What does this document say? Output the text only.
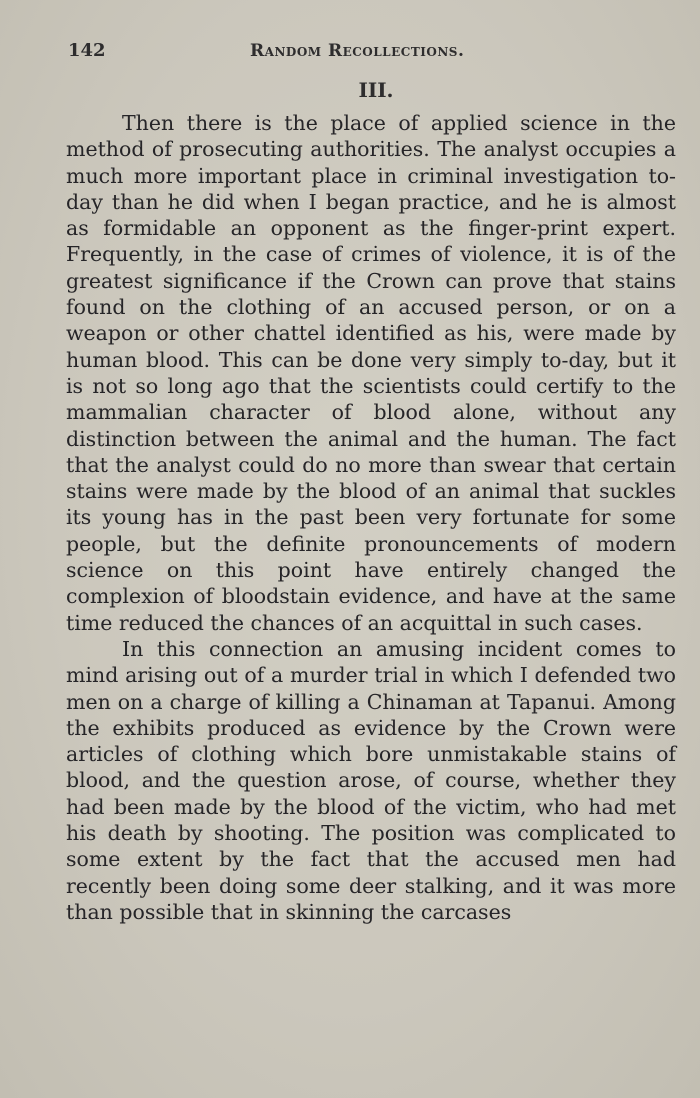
142	Random Recollections.
III.

Then there is the place of applied science in the method of prosecuting authorities. The analyst occupies a much more important place in criminal investigation to-day than he did when I began practice, and he is almost as formidable an opponent as the finger-print expert. Frequently, in the case of crimes of violence, it is of the greatest significance if the Crown can prove that stains found on the clothing of an accused person, or on a weapon or other chattel identified as his, were made by human blood. This can be done very simply to-day, but it is not so long ago that the scientists could certify to the mammalian character of blood alone, without any distinction between the animal and the human. The fact that the analyst could do no more than swear that certain stains were made by the blood of an animal that suckles its young has in the past been very fortunate for some people, but the definite pronouncements of modern science on this point have entirely changed the complexion of bloodstain evidence, and have at the same time reduced the chances of an acquittal in such cases.

In this connection an amusing incident comes to mind arising out of a murder trial in which I defended two men on a charge of killing a Chinaman at Tapanui. Among the exhibits produced as evidence by the Crown were articles of clothing which bore unmistakable stains of blood, and the question arose, of course, whether they had been made by the blood of the victim, who had met his death by shooting. The position was complicated to some extent by the fact that the accused men had recently been doing some deer stalking, and it was more than possible that in skinning the carcases
